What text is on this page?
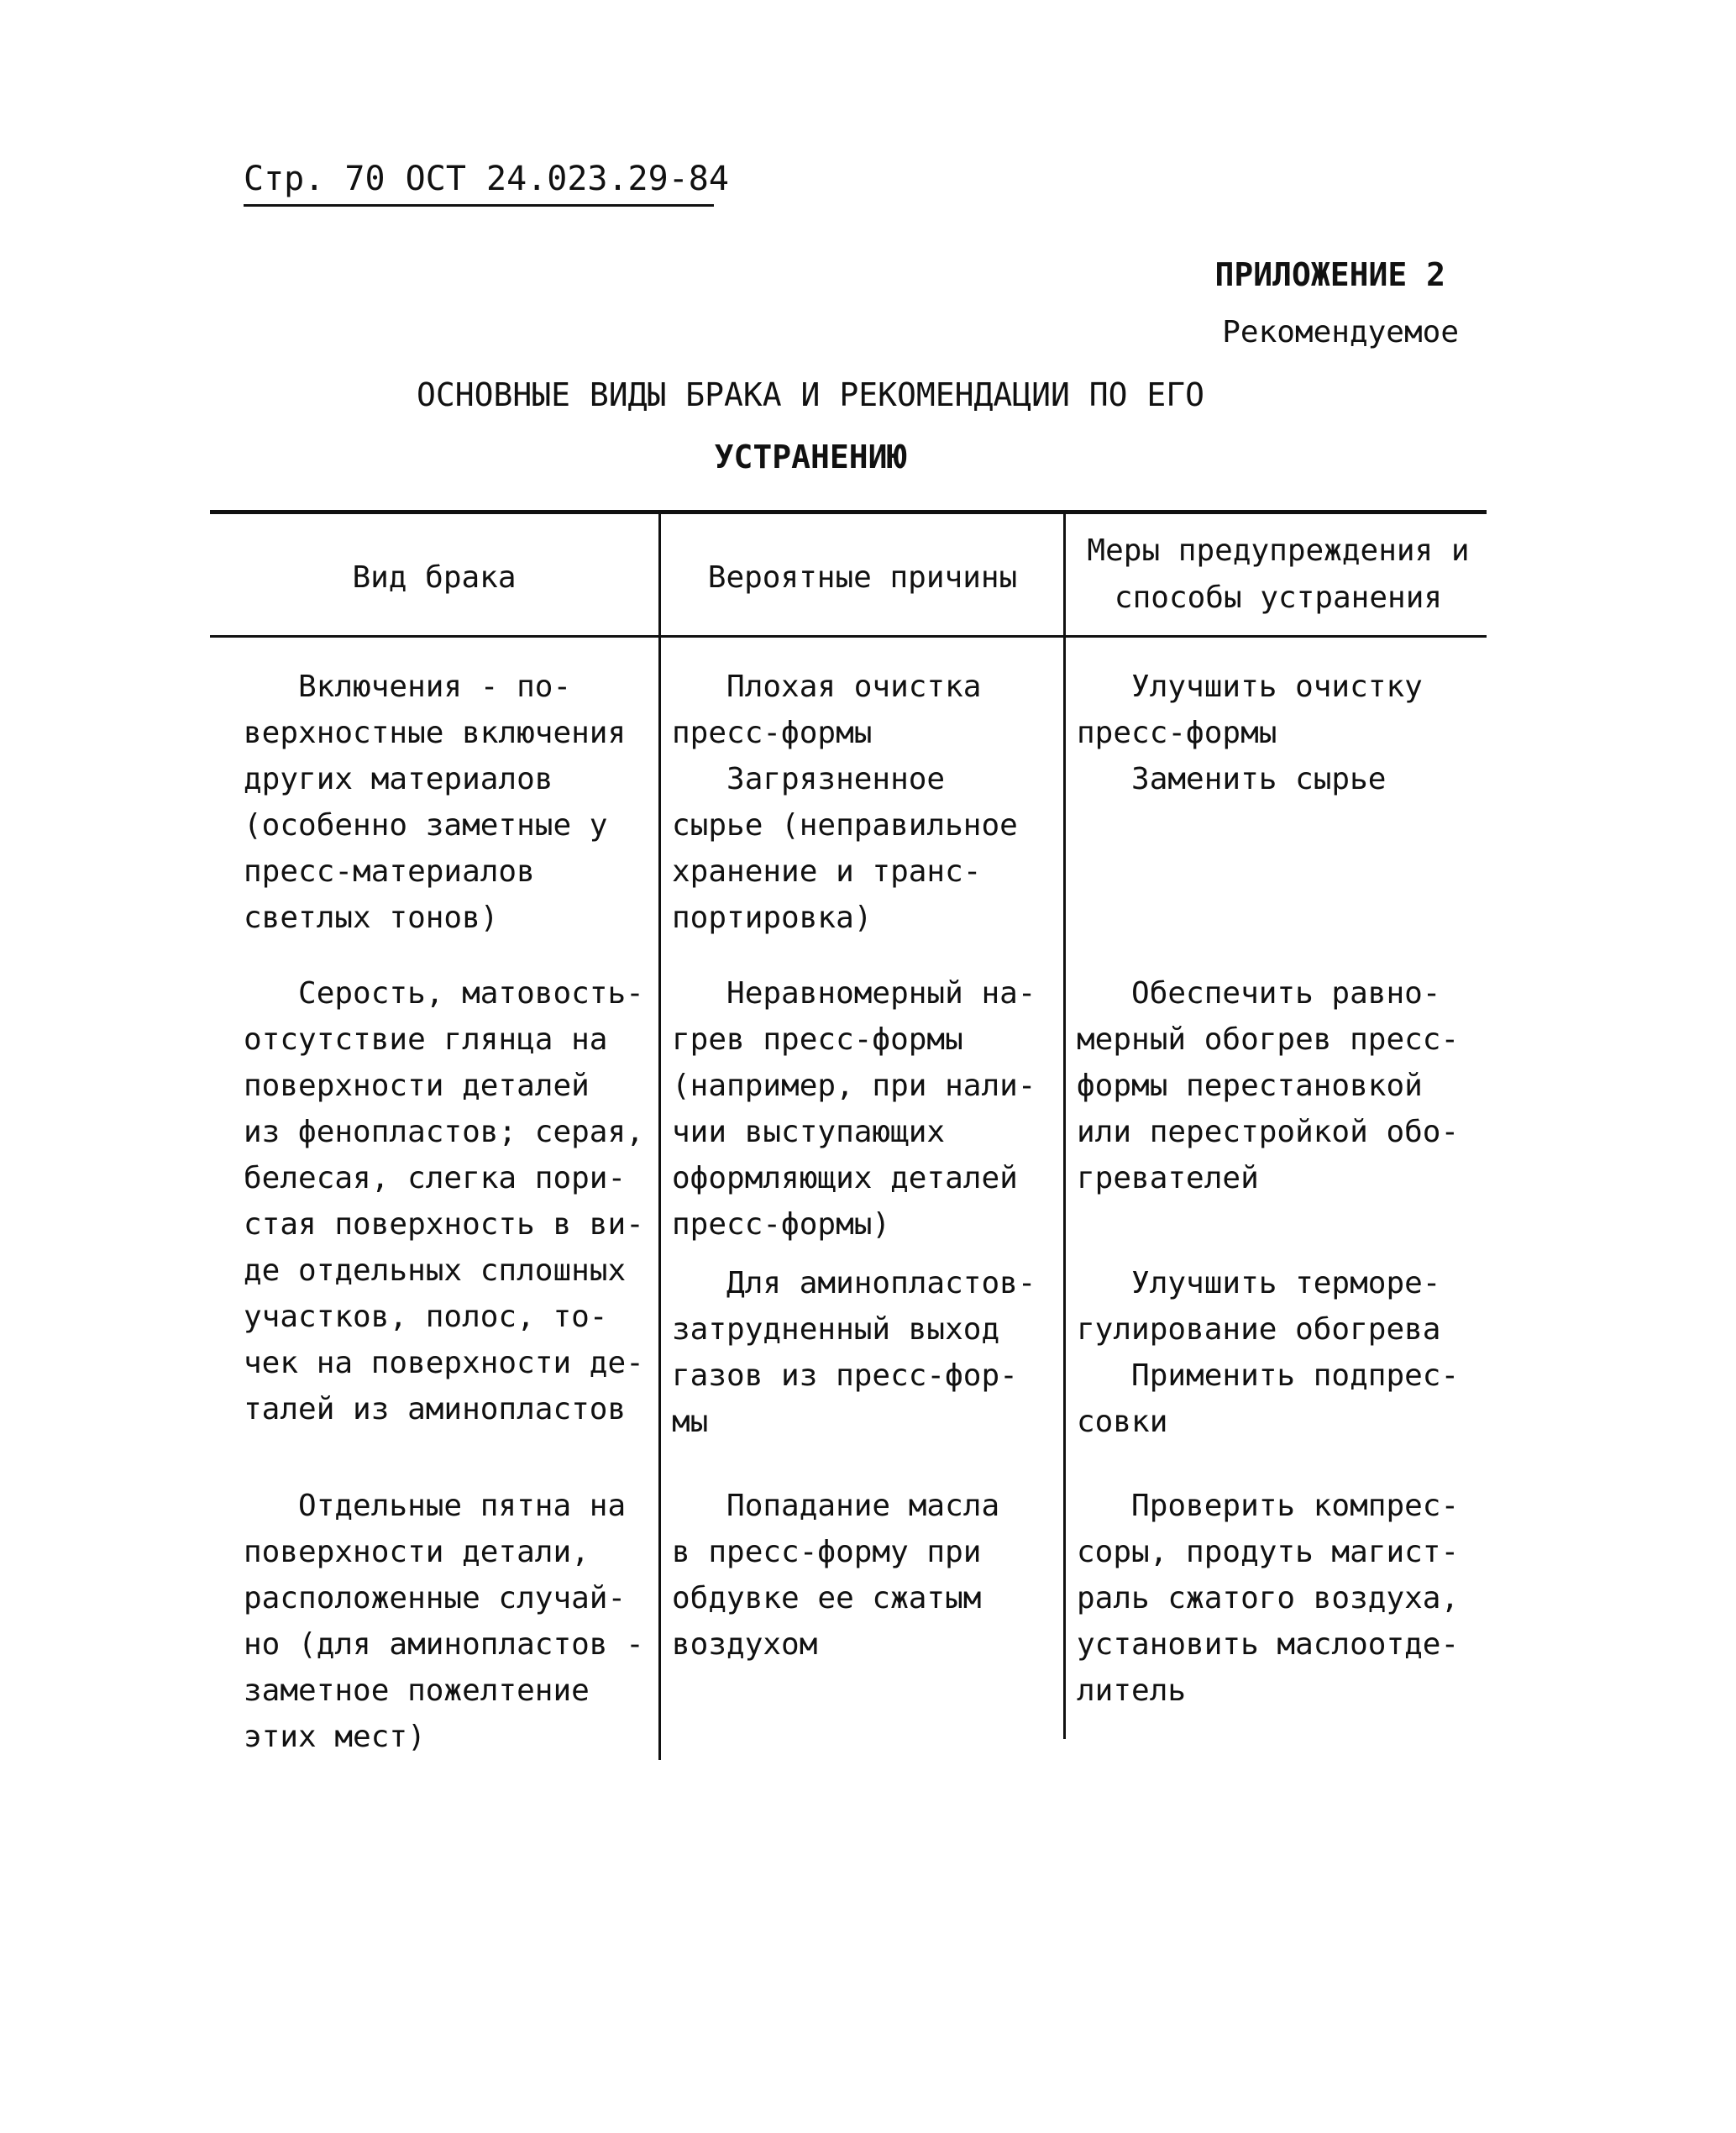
Стр. 70 ОСТ 24.023.29-84
ПРИЛОЖЕНИЕ 2
Рекомендуемое
ОСНОВНЫЕ ВИДЫ БРАКА И РЕКОМЕНДАЦИИ ПО ЕГО
УСТРАНЕНИЮ
Вид брака	Вероятные причины
Меры предупреждения и
способы устранения
Включения - по-
верхностные включения
других материалов
(особенно заметные у
пресс-материалов
светлых тонов)
Плохая очистка
пресс-формы
Загрязненное
сырье (неправильное
хранение и транс-
портировка)
Улучшить очистку
пресс-формы
Заменить сырье
Серость, матовость-
отсутствие глянца на
поверхности деталей
из фенопластов; серая,
белесая, слегка пори-
стая поверхность в ви-
де отдельных сплошных
участков, полос, то-
чек на поверхности де-
талей из аминопластов
Неравномерный на-
грев пресс-формы
(например, при нали-
чии выступающих
оформляющих деталей
пресс-формы)
Для аминопластов-
затрудненный выход
газов из пресс-фор-
мы
Обеспечить равно-
мерный обогрев пресс-
формы перестановкой
или перестройкой обо-
гревателей
Улучшить терморе-
гулирование обогрева
Применить подпрес-
совки
Отдельные пятна на
поверхности детали,
расположенные случай-
но (для аминопластов -
заметное пожелтение
этих мест)
Попадание масла
в пресс-форму при
обдувке ее сжатым
воздухом
Проверить компрес-
соры, продуть магист-
раль сжатого воздуха,
установить маслоотде-
литель
